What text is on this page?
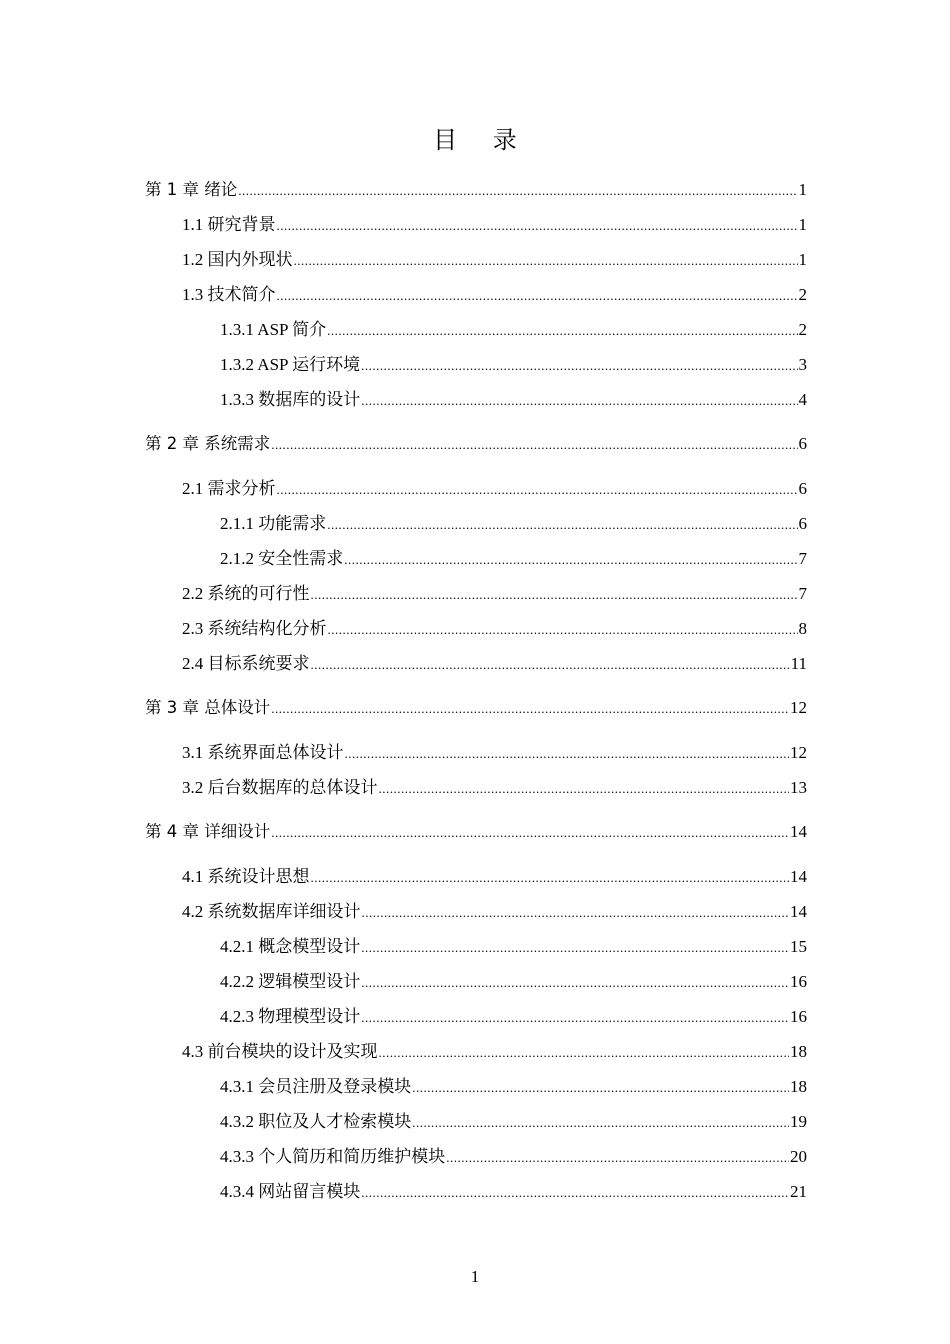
目 录
第 1 章 绪论 .....	1
1.1 研究背景 .....	1
1.2 国内外现状 .....	1
1.3 技术简介 .....	2
1.3.1 ASP 简介 .....	2
1.3.2 ASP 运行环境 .....	3
1.3.3 数据库的设计 .....	4
第 2 章 系统需求 .....	6
2.1 需求分析 .....	6
2.1.1 功能需求 .....	6
2.1.2 安全性需求 .....	7
2.2 系统的可行性 .....	7
2.3 系统结构化分析 .....	8
2.4 目标系统要求 .....	11
第 3 章 总体设计 .....	12
3.1 系统界面总体设计 .....	12
3.2 后台数据库的总体设计 .....	13
第 4 章 详细设计 .....	14
4.1 系统设计思想 .....	14
4.2 系统数据库详细设计 .....	14
4.2.1 概念模型设计 .....	15
4.2.2 逻辑模型设计 .....	16
4.2.3 物理模型设计 .....	16
4.3 前台模块的设计及实现 .....	18
4.3.1 会员注册及登录模块 .....	18
4.3.2 职位及人才检索模块 .....	19
4.3.3 个人简历和简历维护模块 .....	20
4.3.4 网站留言模块 .....	21
1
